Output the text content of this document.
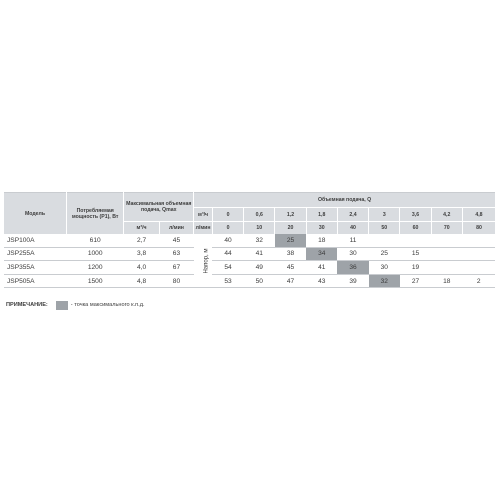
Модель	Потребляемая мощность (P1), Вт	Максимальная объемная подача, Qmax		Объемная подача, Q									
				м³/ч	0	0,6	1,2	1,8	2,4	3	3,6	4,2	4,8
		м³/ч	л/мин	л/мин	0	10	20	30	40	50	60	70	80
JSP100A	610	2,7	45	Напор, м	40	32	25	18	11				
JSP255A	1000	3,8	63		44	41	38	34	30	25	15		
JSP355A	1200	4,0	67		54	49	45	41	36	30	19		
JSP505A	1500	4,8	80		53	50	47	43	39	32	27	18	2
ПРИМЕЧАНИЕ:	- точка максимального к.п.д.
